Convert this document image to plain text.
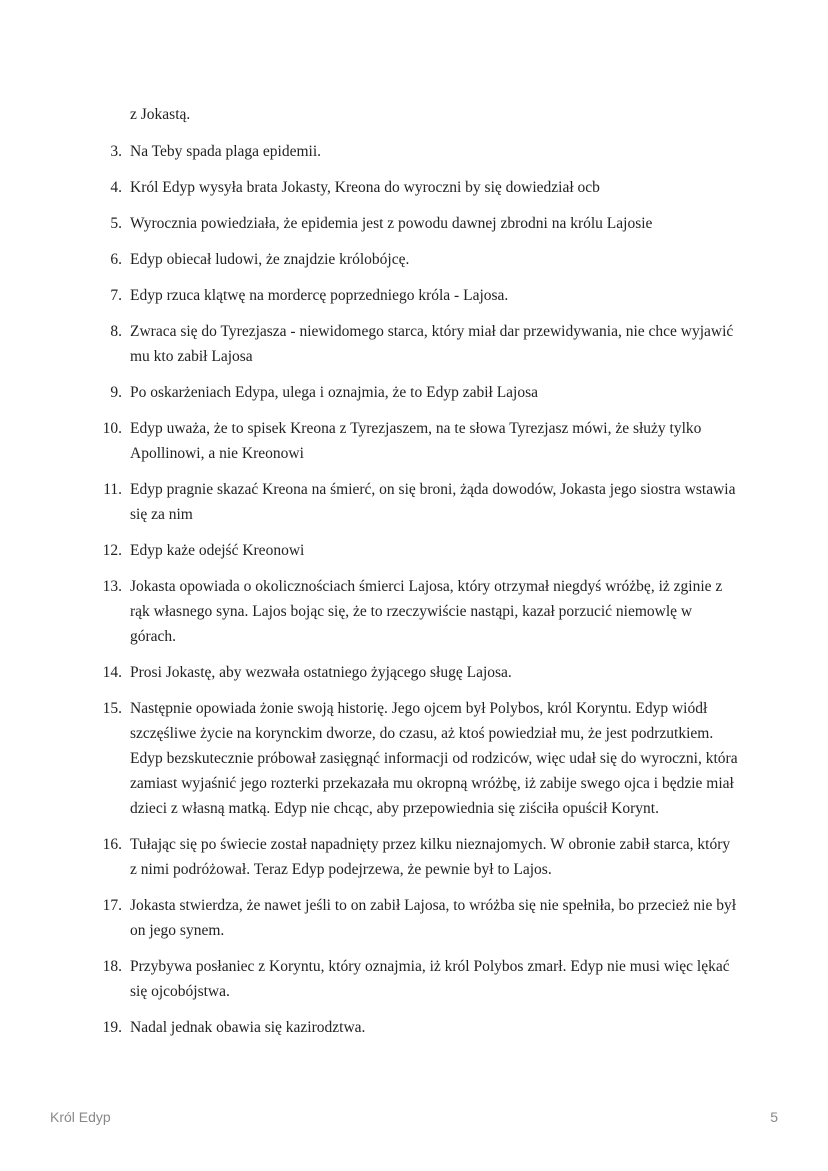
z Jokastą.
3. Na Teby spada plaga epidemii.
4. Król Edyp wysyła brata Jokasty, Kreona do wyroczni by się dowiedział ocb
5. Wyrocznia powiedziała, że epidemia jest z powodu dawnej zbrodni na królu Lajosie
6. Edyp obiecał ludowi, że znajdzie królobójcę.
7. Edyp rzuca klątwę na mordercę poprzedniego króla - Lajosa.
8. Zwraca się do Tyrezjasza - niewidomego starca, który miał dar przewidywania, nie chce wyjawić mu kto zabił Lajosa
9. Po oskarżeniach Edypa, ulega i oznajmia, że to Edyp zabił Lajosa
10. Edyp uważa, że to spisek Kreona z Tyrezjaszem, na te słowa Tyrezjasz mówi, że służy tylko Apollinowi, a nie Kreonowi
11. Edyp pragnie skazać Kreona na śmierć, on się broni, żąda dowodów, Jokasta jego siostra wstawia się za nim
12. Edyp każe odejść Kreonowi
13. Jokasta opowiada o okolicznościach śmierci Lajosa, który otrzymał niegdyś wróżbę, iż zginie z rąk własnego syna. Lajos bojąc się, że to rzeczywiście nastąpi, kazał porzucić niemowlę w górach.
14. Prosi Jokastę, aby wezwała ostatniego żyjącego sługę Lajosa.
15. Następnie opowiada żonie swoją historię. Jego ojcem był Polybos, król Koryntu. Edyp wiódł szczęśliwe życie na korynckim dworze, do czasu, aż ktoś powiedział mu, że jest podrzutkiem. Edyp bezskutecznie próbował zasięgnąć informacji od rodziców, więc udał się do wyroczni, która zamiast wyjaśnić jego rozterki przekazała mu okropną wróżbę, iż zabije swego ojca i będzie miał dzieci z własną matką. Edyp nie chcąc, aby przepowiednia się ziściła opuścił Korynt.
16. Tułając się po świecie został napadnięty przez kilku nieznajomych. W obronie zabił starca, który z nimi podróżował. Teraz Edyp podejrzewa, że pewnie był to Lajos.
17. Jokasta stwierdza, że nawet jeśli to on zabił Lajosa, to wróżba się nie spełniła, bo przecież nie był on jego synem.
18. Przybywa posłaniec z Koryntu, który oznajmia, iż król Polybos zmarł. Edyp nie musi więc lękać się ojcobójstwa.
19. Nadal jednak obawia się kazirodztwa.
Król Edyp	5
